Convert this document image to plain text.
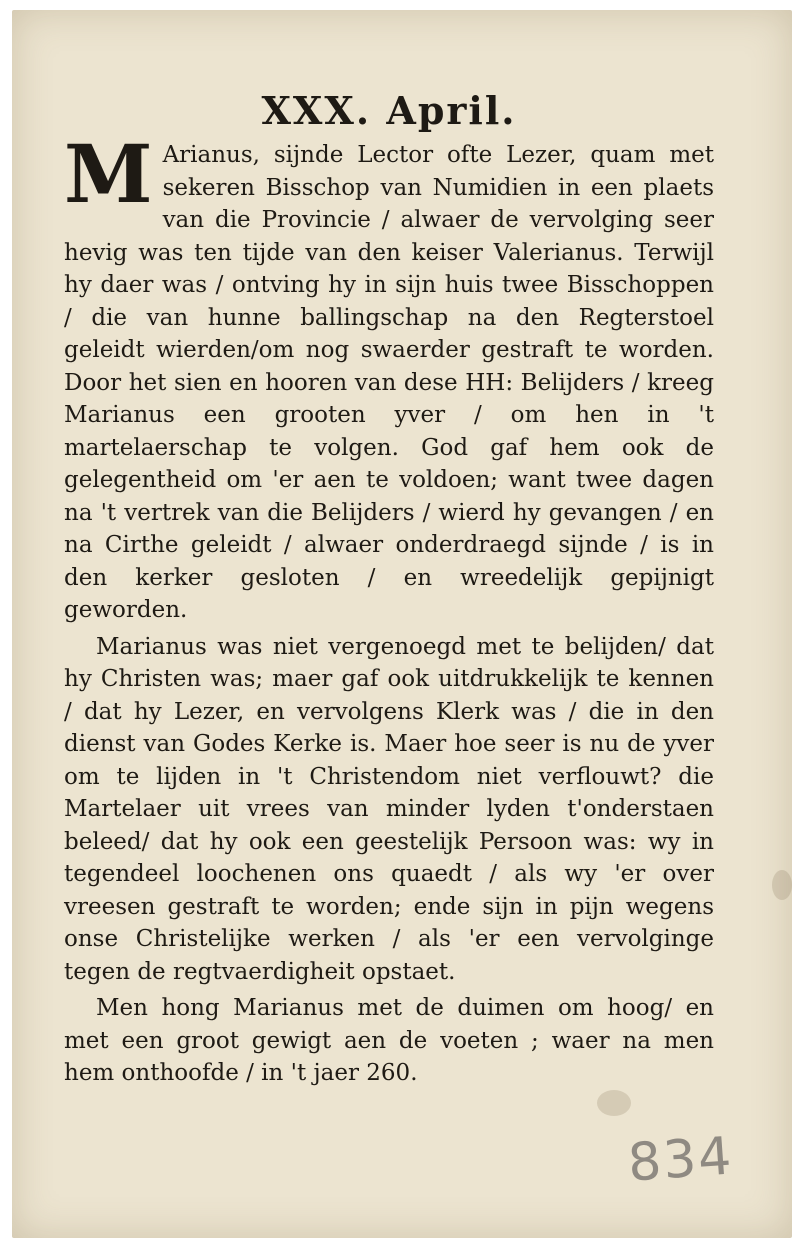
XXX. April.

M Arianus, sijnde Lector ofte Lezer, quam met sekeren Bisschop van Numidien in een plaets van die Provincie / alwaer de vervolging seer hevig was ten tijde van den keiser Valerianus. Terwijl hy daer was / ontving hy in sijn huis twee Bisschoppen / die van hunne ballingschap na den Regterstoel geleidt wierden/om nog swaerder gestraft te worden. Door het sien en hooren van dese HH: Belijders / kreeg Marianus een grooten yver / om hen in 't martelaerschap te volgen. God gaf hem ook de gelegentheid om 'er aen te voldoen; want twee dagen na 't vertrek van die Belijders / wierd hy gevangen / en na Cirthe geleidt / alwaer onderdraegd sijnde / is in den kerker gesloten / en wreedelijk gepijnigt geworden.

Marianus was niet vergenoegd met te belijden/ dat hy Christen was; maer gaf ook uitdrukkelijk te kennen / dat hy Lezer, en vervolgens Klerk was / die in den dienst van Godes Kerke is. Maer hoe seer is nu de yver om te lijden in 't Christendom niet verflouwt? die Martelaer uit vrees van minder lyden t'onderstaen beleed/ dat hy ook een geestelijk Persoon was: wy in tegendeel loochenen ons quaedt / als wy 'er over vreesen gestraft te worden; ende sijn in pijn wegens onse Christelijke werken / als 'er een vervolginge tegen de regtvaerdigheit opstaet.

Men hong Marianus met de duimen om hoog/ en met een groot gewigt aen de voeten ; waer na men hem onthoofde / in 't jaer 260.

834
